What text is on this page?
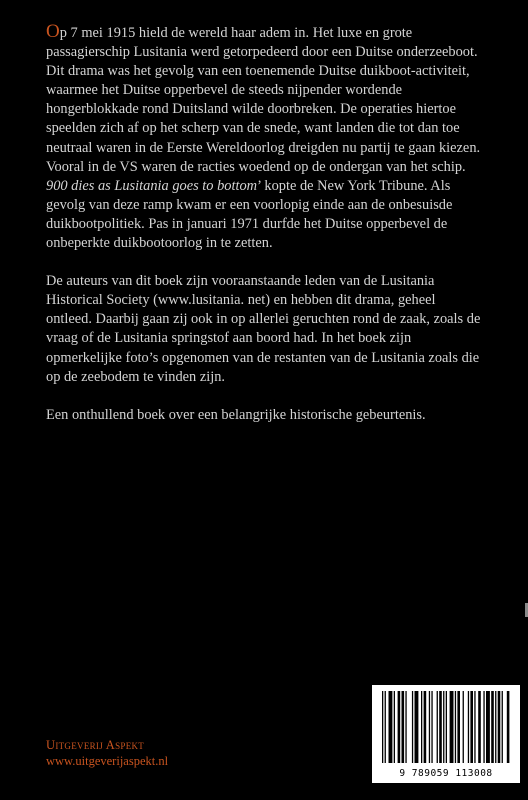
Op 7 mei 1915 hield de wereld haar adem in. Het luxe en grote passagierschip Lusitania werd getorpedeerd door een Duitse onderzeeboot. Dit drama was het gevolg van een toenemende Duitse duikboot-activiteit, waarmee het Duitse opperbevel de steeds nijpender wordende hongerblokkade rond Duitsland wilde doorbreken. De operaties hiertoe speelden zich af op het scherp van de snede, want landen die tot dan toe neutraal waren in de Eerste Wereldoorlog dreigden nu partij te gaan kiezen. Vooral in de VS waren de racties woedend op de ondergan van het schip. 900 dies as Lusitania goes to bottom’ kopte de New York Tribune. Als gevolg van deze ramp kwam er een voorlopig einde aan de onbesuisde duikbootpolitiek. Pas in januari 1971 durfde het Duitse opperbevel de onbeperkte duikbootoorlog in te zetten.

De auteurs van dit boek zijn vooraanstaande leden van de Lusitania Historical Society (www.lusitania. net) en hebben dit drama, geheel ontleed. Daarbij gaan zij ook in op allerlei geruchten rond de zaak, zoals de vraag of de Lusitania springstof aan boord had. In het boek zijn opmerkelijke foto’s opgenomen van de restanten van de Lusitania zoals die op de zeebodem te vinden zijn.

Een onthullend boek over een belangrijke historische gebeurtenis.

Uitgeverij Aspekt
www.uitgeverijaspekt.nl
9 789059 113008
